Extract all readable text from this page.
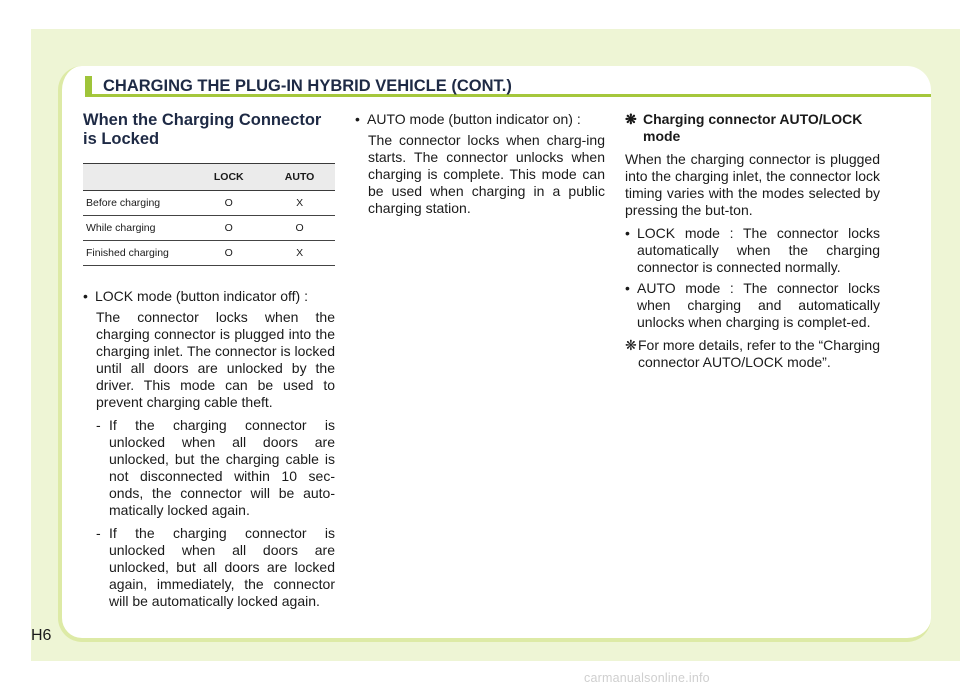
CHARGING THE PLUG-IN HYBRID VEHICLE (CONT.)
When the Charging Connector is Locked
	LOCK	AUTO
Before charging	O	X
While charging	O	O
Finished charging	O	X
• LOCK mode (button indicator off) :
The connector locks when the charging connector is plugged into the charging inlet. The connector is locked until all doors are unlocked by the driver. This mode can be used to prevent charging cable theft.
- If the charging connector is unlocked when all doors are unlocked, but the charging cable is not disconnected within 10 sec-onds, the connector will be auto-matically locked again.
- If the charging connector is unlocked when all doors are unlocked, but all doors are locked again, immediately, the connector will be automatically locked again.
• AUTO mode (button indicator on) :
The connector locks when charg-ing starts. The connector unlocks when charging is complete. This mode can be used when charging in a public charging station.
❋ Charging connector AUTO/LOCK mode
When the charging connector is plugged into the charging inlet, the connector lock timing varies with the modes selected by pressing the but-ton.
• LOCK mode : The connector locks automatically when the charging connector is connected normally.
• AUTO mode : The connector locks when charging and automatically unlocks when charging is complet-ed.
❋ For more details, refer to the “Charging connector AUTO/LOCK mode”.
H6
carmanualsonline.info
